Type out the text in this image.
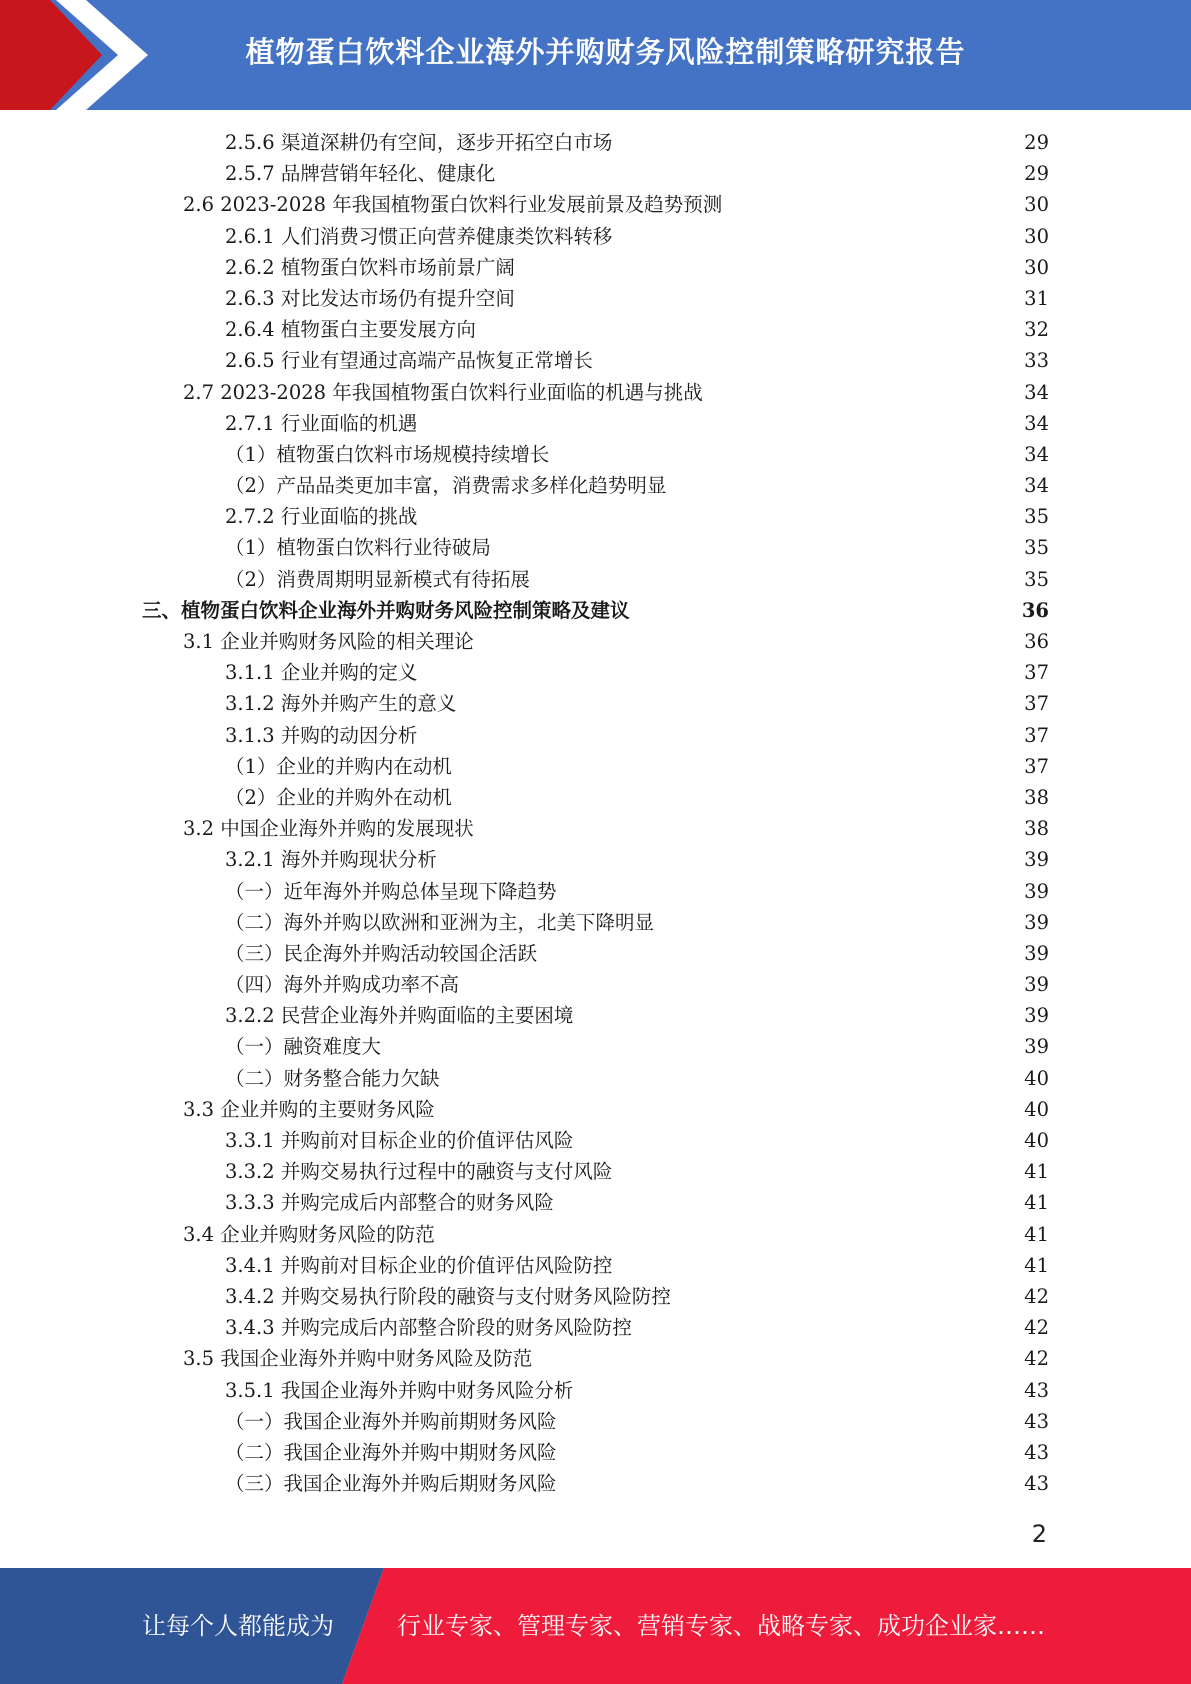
植物蛋白饮料企业海外并购财务风险控制策略研究报告
2.5.6 渠道深耕仍有空间，逐步开拓空白市场	29
2.5.7 品牌营销年轻化、健康化	29
2.6 2023-2028 年我国植物蛋白饮料行业发展前景及趋势预测	30
2.6.1 人们消费习惯正向营养健康类饮料转移	30
2.6.2 植物蛋白饮料市场前景广阔	30
2.6.3 对比发达市场仍有提升空间	31
2.6.4 植物蛋白主要发展方向	32
2.6.5 行业有望通过高端产品恢复正常增长	33
2.7 2023-2028 年我国植物蛋白饮料行业面临的机遇与挑战	34
2.7.1 行业面临的机遇	34
（1）植物蛋白饮料市场规模持续增长	34
（2）产品品类更加丰富，消费需求多样化趋势明显	34
2.7.2 行业面临的挑战	35
（1）植物蛋白饮料行业待破局	35
（2）消费周期明显新模式有待拓展	35
三、植物蛋白饮料企业海外并购财务风险控制策略及建议	36
3.1 企业并购财务风险的相关理论	36
3.1.1 企业并购的定义	37
3.1.2 海外并购产生的意义	37
3.1.3 并购的动因分析	37
（1）企业的并购内在动机	37
（2）企业的并购外在动机	38
3.2 中国企业海外并购的发展现状	38
3.2.1 海外并购现状分析	39
（一）近年海外并购总体呈现下降趋势	39
（二）海外并购以欧洲和亚洲为主，北美下降明显	39
（三）民企海外并购活动较国企活跃	39
（四）海外并购成功率不高	39
3.2.2 民营企业海外并购面临的主要困境	39
（一）融资难度大	39
（二）财务整合能力欠缺	40
3.3 企业并购的主要财务风险	40
3.3.1 并购前对目标企业的价值评估风险	40
3.3.2 并购交易执行过程中的融资与支付风险	41
3.3.3 并购完成后内部整合的财务风险	41
3.4 企业并购财务风险的防范	41
3.4.1 并购前对目标企业的价值评估风险防控	41
3.4.2 并购交易执行阶段的融资与支付财务风险防控	42
3.4.3 并购完成后内部整合阶段的财务风险防控	42
3.5 我国企业海外并购中财务风险及防范	42
3.5.1 我国企业海外并购中财务风险分析	43
（一）我国企业海外并购前期财务风险	43
（二）我国企业海外并购中期财务风险	43
（三）我国企业海外并购后期财务风险	43
2
让每个人都能成为	行业专家、管理专家、营销专家、战略专家、成功企业家……
